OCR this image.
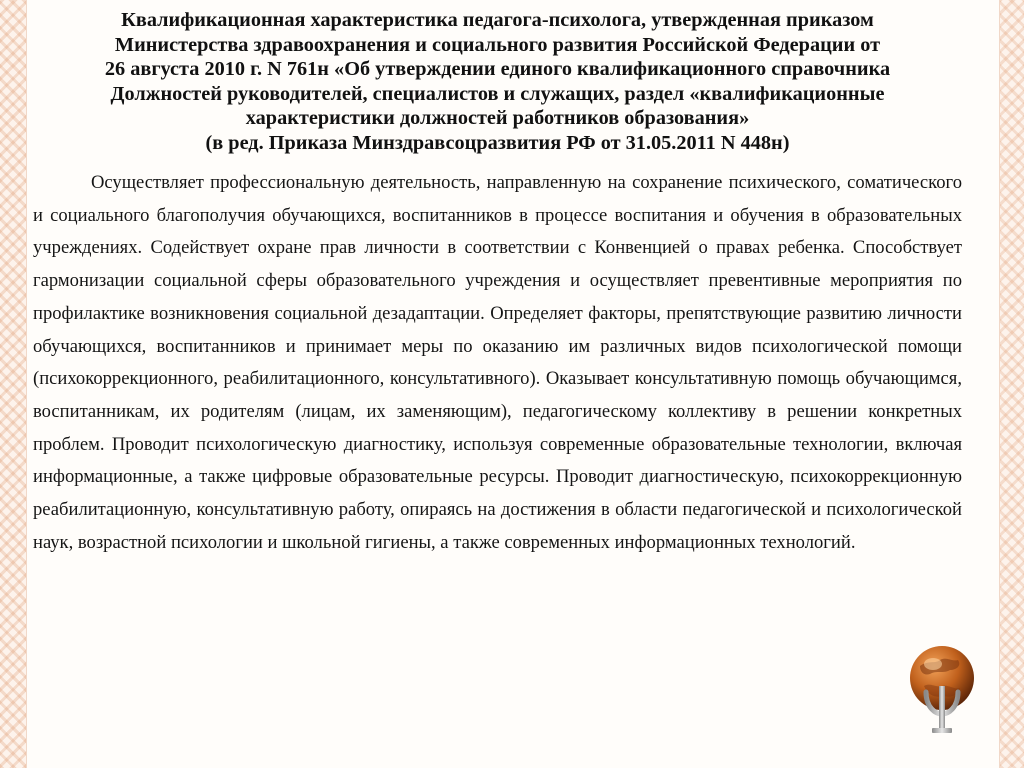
Квалификационная характеристика педагога-психолога, утвержденная приказом
Министерства здравоохранения и социального развития Российской Федерации от
26 августа 2010 г. N 761н «Об утверждении единого квалификационного справочника
Должностей руководителей, специалистов и служащих, раздел «квалификационные
характеристики должностей работников образования»
(в ред. Приказа Минздравсоцразвития РФ от 31.05.2011 N 448н)

Осуществляет профессиональную деятельность, направленную на сохранение психического, соматического и социального благополучия обучающихся, воспитанников в процессе воспитания и обучения в образовательных учреждениях. Содействует охране прав личности в соответствии с Конвенцией о правах ребенка. Способствует гармонизации социальной сферы образовательного учреждения и осуществляет превентивные мероприятия по профилактике возникновения социальной дезадаптации. Определяет факторы, препятствующие развитию личности обучающихся, воспитанников и принимает меры по оказанию им различных видов психологической помощи (психокоррекционного, реабилитационного, консультативного). Оказывает консультативную помощь обучающимся, воспитанникам, их родителям (лицам, их заменяющим), педагогическому коллективу в решении конкретных проблем. Проводит психологическую диагностику, используя современные образовательные технологии, включая информационные, а также цифровые образовательные ресурсы. Проводит диагностическую, психокоррекционную реабилитационную, консультативную работу, опираясь на достижения в области педагогической и психологической наук, возрастной психологии и школьной гигиены, а также современных информационных технологий.
